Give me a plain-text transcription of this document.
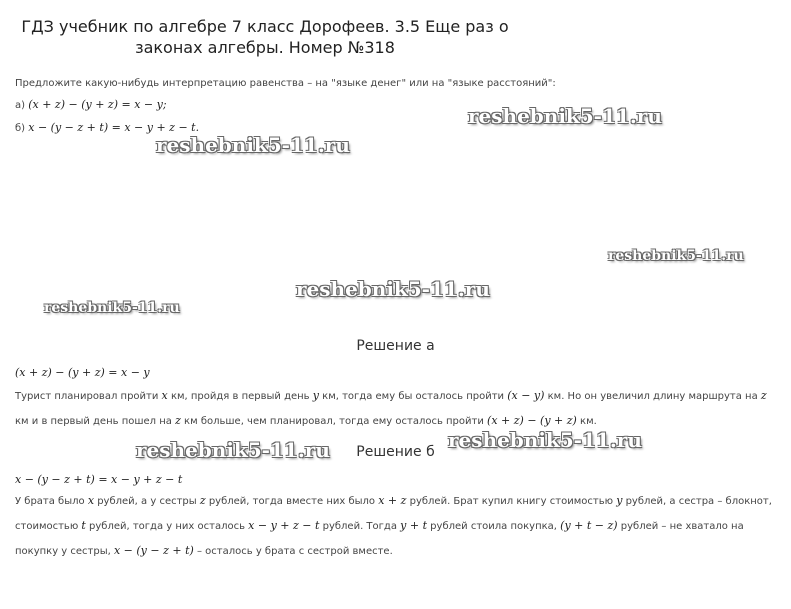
ГДЗ учебник по алгебре 7 класс Дорофеев. 3.5 Еще раз о
законах алгебры. Номер №318
Предложите какую-нибудь интерпретацию равенства – на "языке денег" или на "языке расстояний":
а) (x + z) − (y + z) = x − y;
б) x − (y − z + t) = x − y + z − t.
Решение а
(x + z) − (y + z) = x − y
Турист планировал пройти x км, пройдя в первый день y км, тогда ему бы осталось пройти (x − y) км. Но он увеличил длину маршрута на z км и в первый день пошел на z км больше, чем планировал, тогда ему осталось пройти (x + z) − (y + z) км.
Решение б
x − (y − z + t) = x − y + z − t
У брата было x рублей, а у сестры z рублей, тогда вместе них было x + z рублей. Брат купил книгу стоимостью y рублей, а сестра – блокнот, стоимостью t рублей, тогда у них осталось x − y + z − t рублей. Тогда y + t рублей стоила покупка, (y + t − z) рублей – не хватало на покупку у сестры, x − (y − z + t) – осталось у брата с сестрой вместе.
reshebnik5-11.ru
reshebnik5-11.ru
reshebnik5-11.ru
reshebnik5-11.ru
reshebnik5-11.ru
reshebnik5-11.ru
reshebnik5-11.ru
